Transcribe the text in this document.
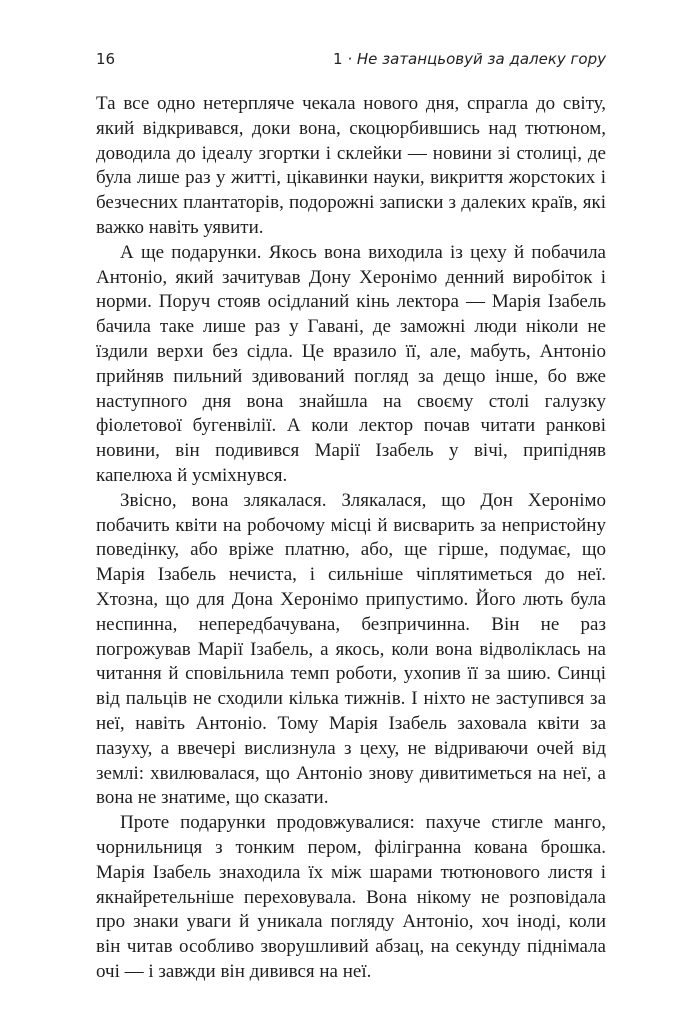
16	1 · Не затанцьовуй за далеку гору

Та все одно нетерпляче чекала нового дня, спрагла до світу, який відкривався, доки вона, скоцюрбившись над тютюном, доводила до ідеалу згортки і склейки — новини зі столиці, де була лише раз у житті, цікавинки науки, викриття жорстоких і безчесних плантаторів, подорожні записки з далеких країв, які важко навіть уявити.

А ще подарунки. Якось вона виходила із цеху й побачила Антоніо, який зачитував Дону Херонімо денний виробіток і норми. Поруч стояв осідланий кінь лектора — Марія Ізабель бачила таке лише раз у Гавані, де заможні люди ніколи не їздили верхи без сідла. Це вразило її, але, мабуть, Антоніо прийняв пильний здивований погляд за дещо інше, бо вже наступного дня вона знайшла на своєму столі галузку фіолетової бугенвілії. А коли лектор почав читати ранкові новини, він подивився Марії Ізабель у вічі, припідняв капелюха й усміхнувся.

Звісно, вона злякалася. Злякалася, що Дон Херонімо побачить квіти на робочому місці й висварить за непристойну поведінку, або вріже платню, або, ще гірше, подумає, що Марія Ізабель нечиста, і сильніше чіплятиметься до неї. Хтозна, що для Дона Херонімо припустимо. Його лють була неспинна, непередбачувана, безпричинна. Він не раз погрожував Марії Ізабель, а якось, коли вона відволіклась на читання й сповільнила темп роботи, ухопив її за шию. Синці від пальців не сходили кілька тижнів. І ніхто не заступився за неї, навіть Антоніо. Тому Марія Ізабель заховала квіти за пазуху, а ввечері вислизнула з цеху, не відриваючи очей від землі: хвилювалася, що Антоніо знову дивитиметься на неї, а вона не знатиме, що сказати.

Проте подарунки продовжувалися: пахуче стигле манго, чорнильниця з тонким пером, філігранна кована брошка. Марія Ізабель знаходила їх між шарами тютюнового листя і якнайретельніше переховувала. Вона нікому не розповідала про знаки уваги й уникала погляду Антоніо, хоч іноді, коли він читав особливо зворушливий абзац, на секунду піднімала очі — і завжди він дивився на неї.
